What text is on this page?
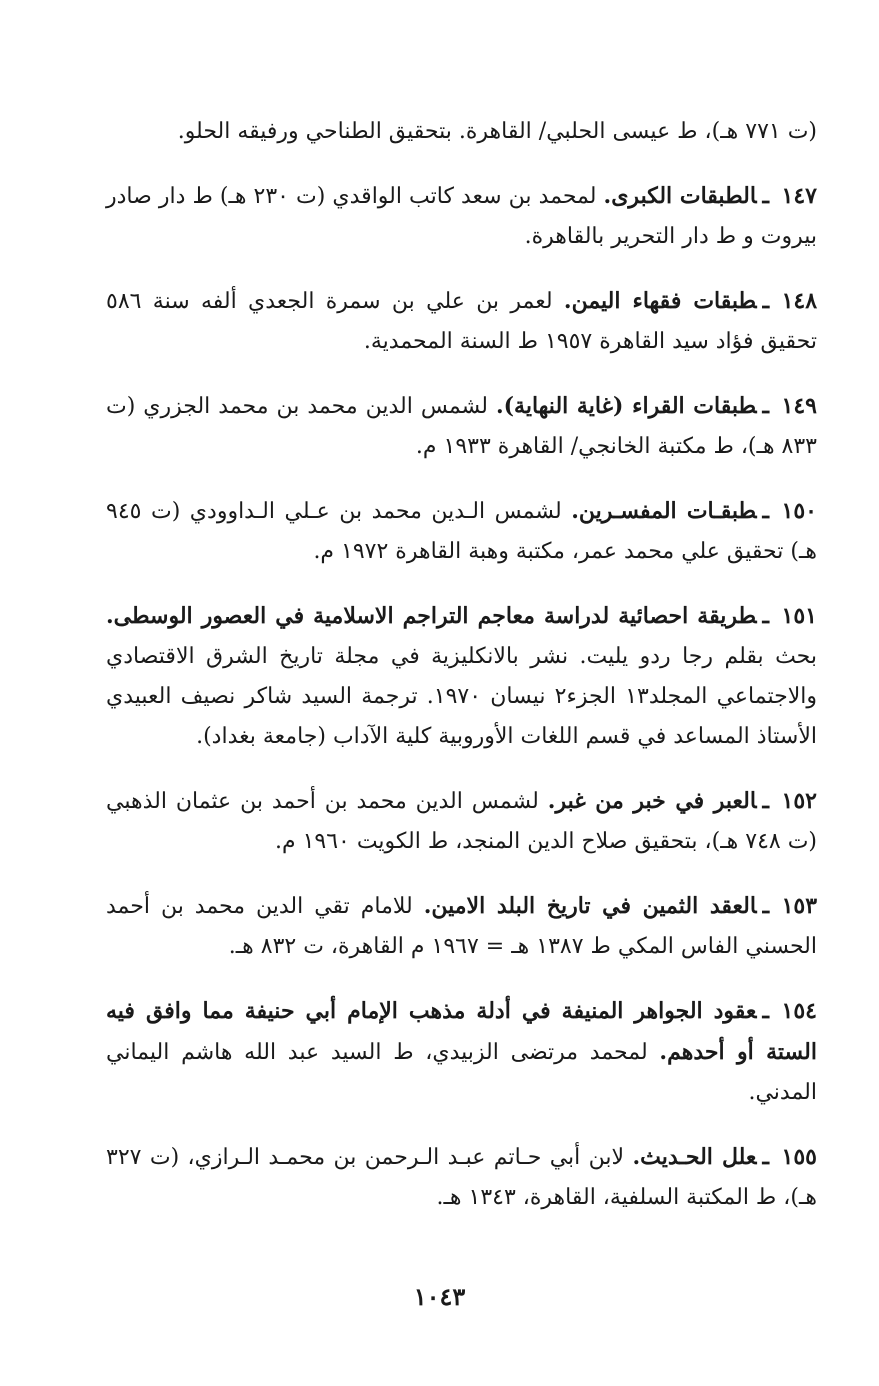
(ت ٧٧١ هـ)، ط عيسى الحلبي/ القاهرة. بتحقيق الطناحي ورفيقه الحلو.

١٤٧ـالطبقات الكبرى. لمحمد بن سعد كاتب الواقدي (ت ٢٣٠ هـ) ط دار صادر بيروت و ط دار التحرير بالقاهرة.

١٤٨ـطبقات فقهاء اليمن. لعمر بن علي بن سمرة الجعدي ألفه سنة ٥٨٦ تحقيق فؤاد سيد القاهرة ١٩٥٧ ط السنة المحمدية.

١٤٩ـطبقات القراء (غاية النهاية). لشمس الدين محمد بن محمد الجزري (ت ٨٣٣ هـ)، ط مكتبة الخانجي/ القاهرة ١٩٣٣ م.

١٥٠ـطبقـات المفسـرين. لشمس الـدين محمد بن عـلي الـداوودي (ت ٩٤٥ هـ) تحقيق علي محمد عمر، مكتبة وهبة القاهرة ١٩٧٢ م.

١٥١ـطريقة احصائية لدراسة معاجم التراجم الاسلامية في العصور الوسطى. بحث بقلم رجا ردو يليت. نشر بالانكليزية في مجلة تاريخ الشرق الاقتصادي والاجتماعي المجلد١٣ الجزء٢ نيسان ١٩٧٠. ترجمة السيد شاكر نصيف العبيدي الأستاذ المساعد في قسم اللغات الأوروبية كلية الآداب (جامعة بغداد).

١٥٢ـالعبر في خبر من غبر. لشمس الدين محمد بن أحمد بن عثمان الذهبي (ت ٧٤٨ هـ)، بتحقيق صلاح الدين المنجد، ط الكويت ١٩٦٠ م.

١٥٣ـالعقد الثمين في تاريخ البلد الامين. للامام تقي الدين محمد بن أحمد الحسني الفاس المكي ط ١٣٨٧ هـ = ١٩٦٧ م القاهرة، ت ٨٣٢ هـ.

١٥٤ـعقود الجواهر المنيفة في أدلة مذهب الإمام أبي حنيفة مما وافق فيه الستة أو أحدهم. لمحمد مرتضى الزبيدي، ط السيد عبد الله هاشم اليماني المدني.

١٥٥ـعلل الحـديث. لابن أبي حـاتم عبـد الـرحمن بن محمـد الـرازي، (ت ٣٢٧ هـ)، ط المكتبة السلفية، القاهرة، ١٣٤٣ هـ.

١٠٤٣
